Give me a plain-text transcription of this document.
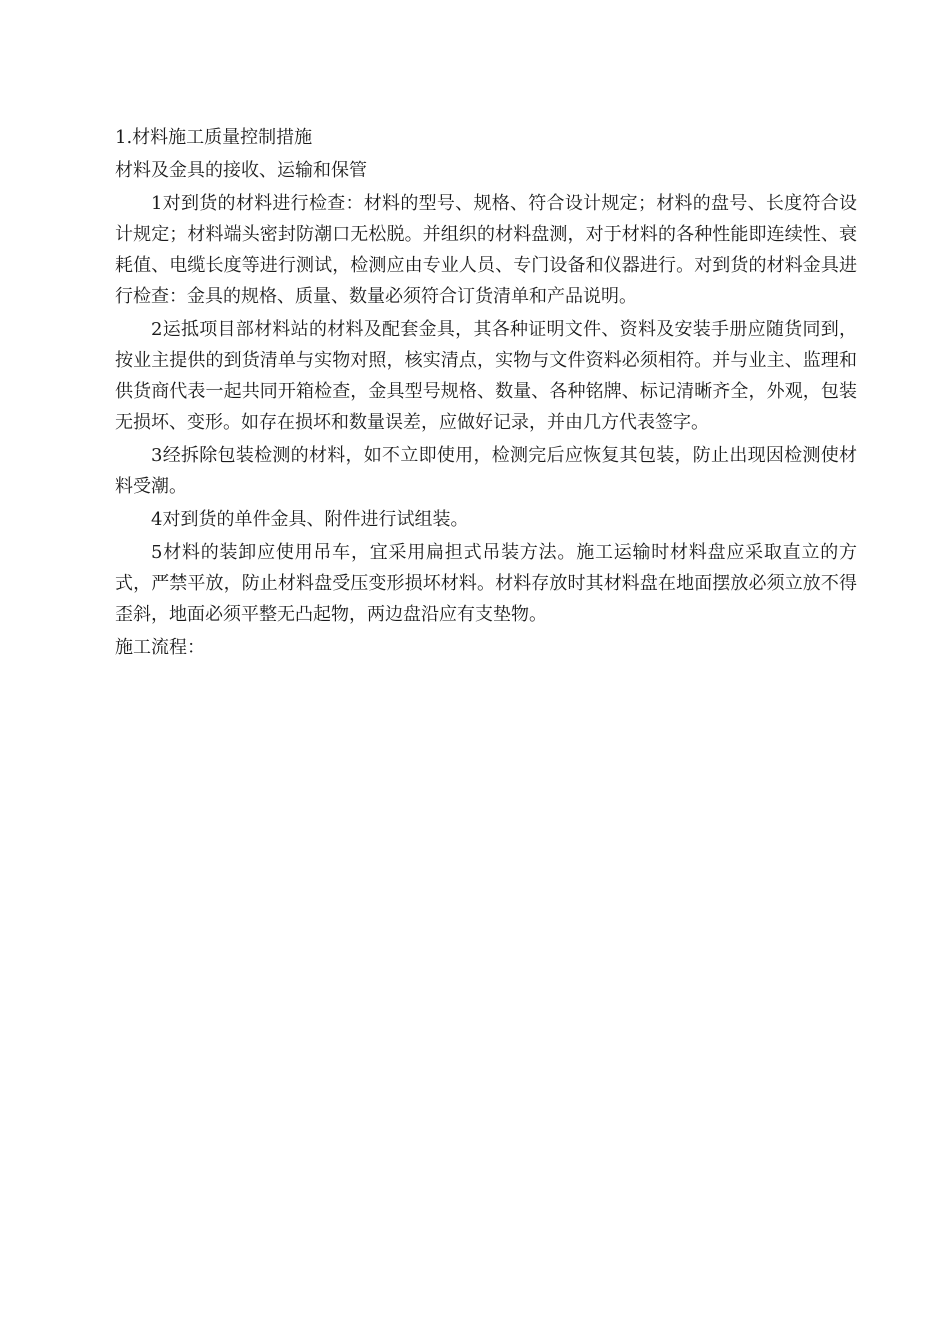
1.材料施工质量控制措施

材料及金具的接收、运输和保管

1对到货的材料进行检查：材料的型号、规格、符合设计规定；材料的盘号、长度符合设计规定；材料端头密封防潮口无松脱。并组织的材料盘测，对于材料的各种性能即连续性、衰耗值、电缆长度等进行测试，检测应由专业人员、专门设备和仪器进行。对到货的材料金具进行检查：金具的规格、质量、数量必须符合订货清单和产品说明。

2运抵项目部材料站的材料及配套金具，其各种证明文件、资料及安装手册应随货同到，按业主提供的到货清单与实物对照，核实清点，实物与文件资料必须相符。并与业主、监理和供货商代表一起共同开箱检查，金具型号规格、数量、各种铭牌、标记清晰齐全，外观，包装无损坏、变形。如存在损坏和数量误差，应做好记录，并由几方代表签字。

3经拆除包装检测的材料，如不立即使用，检测完后应恢复其包装，防止出现因检测使材料受潮。

4对到货的单件金具、附件进行试组装。

5材料的装卸应使用吊车，宜采用扁担式吊装方法。施工运输时材料盘应采取直立的方式，严禁平放，防止材料盘受压变形损坏材料。材料存放时其材料盘在地面摆放必须立放不得歪斜，地面必须平整无凸起物，两边盘沿应有支垫物。

施工流程：
